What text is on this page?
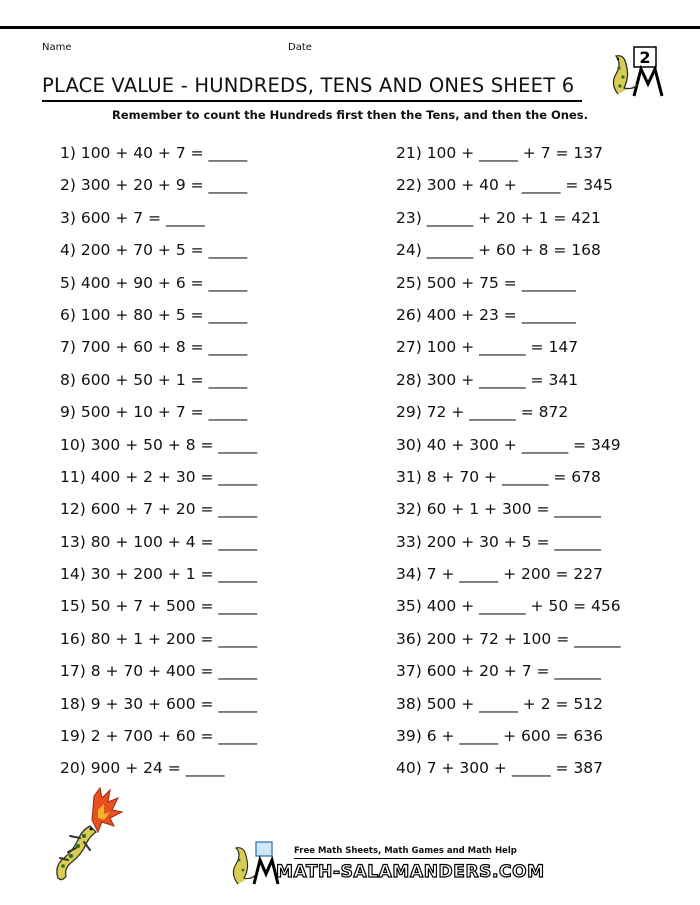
Name	Date
2
PLACE VALUE - HUNDREDS, TENS AND ONES SHEET 6
Remember to count the Hundreds first then the Tens, and then the Ones.
1) 100 + 40 + 7 = _____
2) 300 + 20 + 9 = _____
3) 600 + 7 = _____
4) 200 + 70 + 5 = _____
5) 400 + 90 + 6 = _____
6) 100 + 80 + 5 = _____
7) 700 + 60 + 8 = _____
8) 600 + 50 + 1 = _____
9) 500 + 10 + 7 = _____
10) 300 + 50 + 8 = _____
11) 400 + 2 + 30 = _____
12) 600 + 7 + 20 = _____
13) 80 + 100 + 4 = _____
14) 30 + 200 + 1 = _____
15) 50 + 7 + 500 = _____
16) 80 + 1 + 200 = _____
17) 8 + 70 + 400 = _____
18) 9 + 30 + 600 = _____
19) 2 + 700 + 60 = _____
20) 900 + 24 = _____
21) 100 + _____ + 7 = 137
22) 300 + 40 + _____ = 345
23) ______ + 20 + 1 = 421
24) ______ + 60 + 8 = 168
25) 500 + 75 = _______
26) 400 + 23 = _______
27) 100 + ______ = 147
28) 300 + ______ = 341
29) 72 + ______ = 872
30) 40 + 300 + ______ = 349
31) 8 + 70 + ______ = 678
32) 60 + 1 + 300 = ______
33) 200 + 30 + 5 = ______
34) 7 + _____ + 200 = 227
35) 400 + ______ + 50 = 456
36) 200 + 72 + 100 = ______
37) 600 + 20 + 7 = ______
38) 500 + _____ + 2 = 512
39) 6 + _____ + 600 = 636
40) 7 + 300 + _____ = 387
Free Math Sheets, Math Games and Math Help
MATH-SALAMANDERS.COM
